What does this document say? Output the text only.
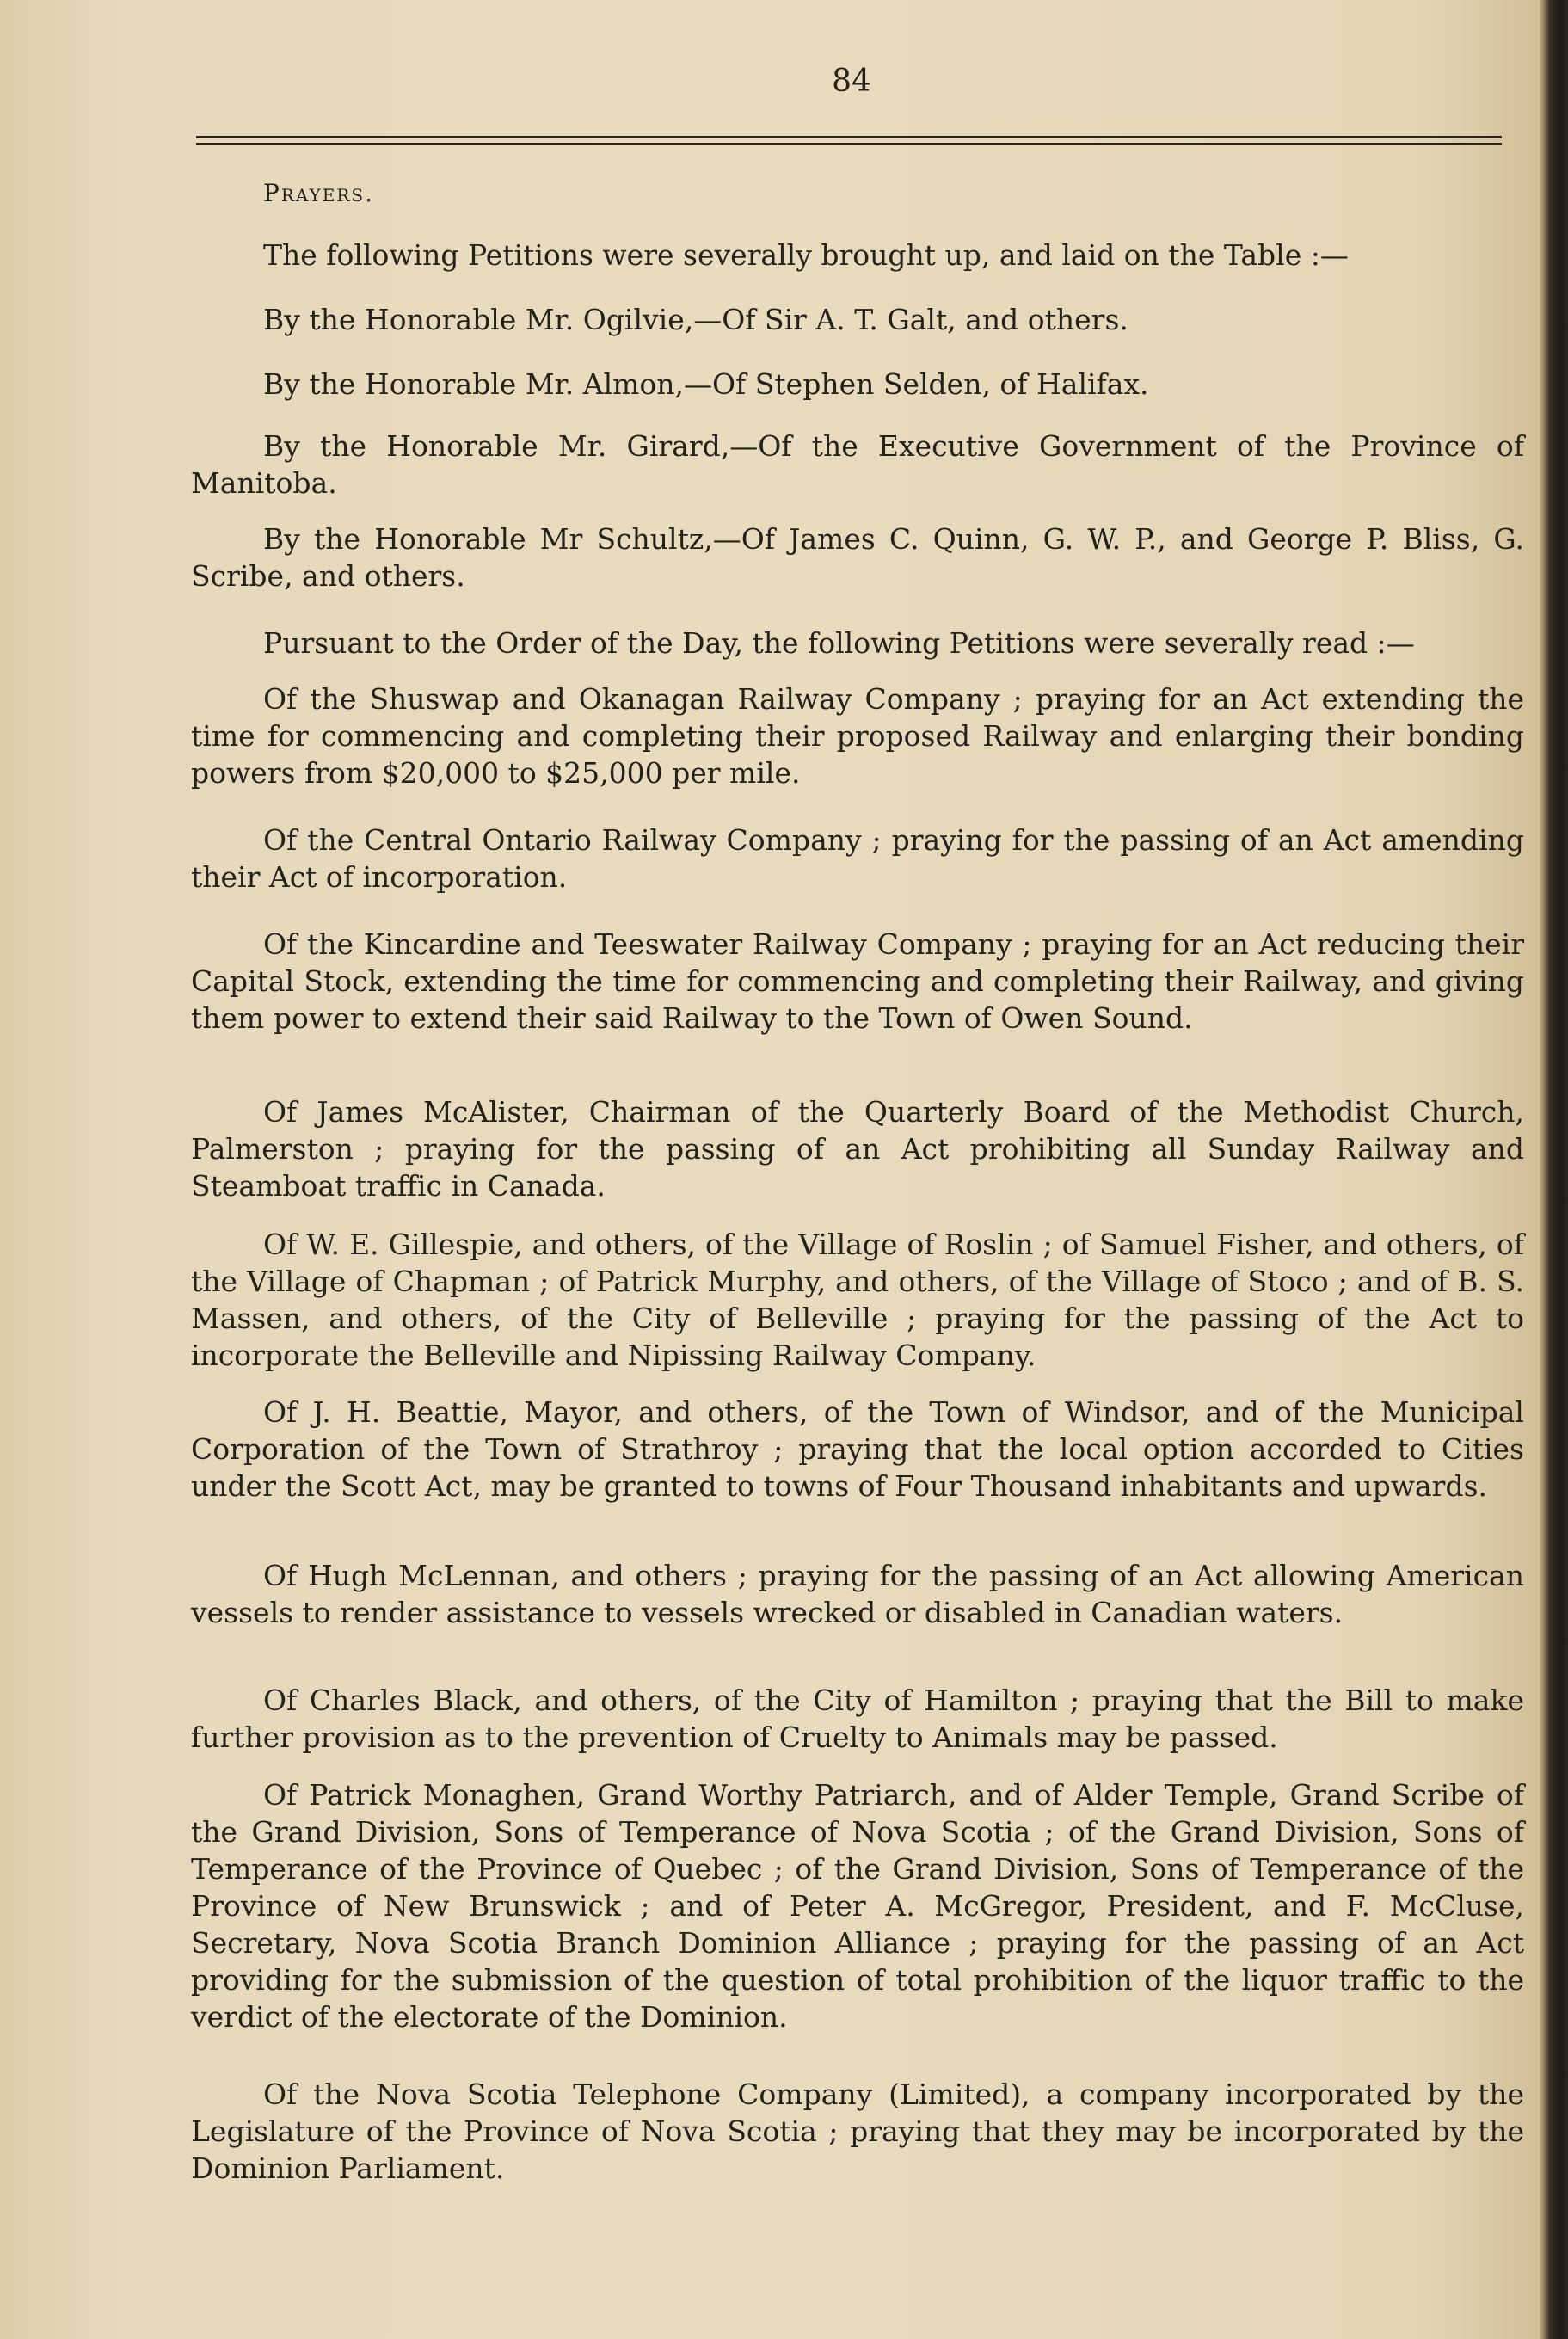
84
Prayers.

The following Petitions were severally brought up, and laid on the Table :—

By the Honorable Mr. Ogilvie,—Of Sir A. T. Galt, and others.

By the Honorable Mr. Almon,—Of Stephen Selden, of Halifax.

By the Honorable Mr. Girard,—Of the Executive Government of the Province of Manitoba.

By the Honorable Mr Schultz,—Of James C. Quinn, G. W. P., and George P. Bliss, G. Scribe, and others.

Pursuant to the Order of the Day, the following Petitions were severally read :—

Of the Shuswap and Okanagan Railway Company ; praying for an Act extending the time for commencing and completing their proposed Railway and enlarging their bonding powers from $20,000 to $25,000 per mile.

Of the Central Ontario Railway Company ; praying for the passing of an Act amending their Act of incorporation.

Of the Kincardine and Teeswater Railway Company ; praying for an Act reducing their Capital Stock, extending the time for commencing and completing their Railway, and giving them power to extend their said Railway to the Town of Owen Sound.

Of James McAlister, Chairman of the Quarterly Board of the Methodist Church, Palmerston ; praying for the passing of an Act prohibiting all Sunday Railway and Steamboat traffic in Canada.

Of W. E. Gillespie, and others, of the Village of Roslin ; of Samuel Fisher, and others, of the Village of Chapman ; of Patrick Murphy, and others, of the Village of Stoco ; and of B. S. Massen, and others, of the City of Belleville ; praying for the passing of the Act to incorporate the Belleville and Nipissing Railway Company.

Of J. H. Beattie, Mayor, and others, of the Town of Windsor, and of the Municipal Corporation of the Town of Strathroy ; praying that the local option accorded to Cities under the Scott Act, may be granted to towns of Four Thousand inhabitants and upwards.

Of Hugh McLennan, and others ; praying for the passing of an Act allowing American vessels to render assistance to vessels wrecked or disabled in Canadian waters.

Of Charles Black, and others, of the City of Hamilton ; praying that the Bill to make further provision as to the prevention of Cruelty to Animals may be passed.

Of Patrick Monaghen, Grand Worthy Patriarch, and of Alder Temple, Grand Scribe of the Grand Division, Sons of Temperance of Nova Scotia ; of the Grand Division, Sons of Temperance of the Province of Quebec ; of the Grand Division, Sons of Temperance of the Province of New Brunswick ; and of Peter A. McGregor, President, and F. McCluse, Secretary, Nova Scotia Branch Dominion Alliance ; praying for the passing of an Act providing for the submission of the question of total prohibition of the liquor traffic to the verdict of the electorate of the Dominion.

Of the Nova Scotia Telephone Company (Limited), a company incorporated by the Legislature of the Province of Nova Scotia ; praying that they may be incorporated by the Dominion Parliament.
